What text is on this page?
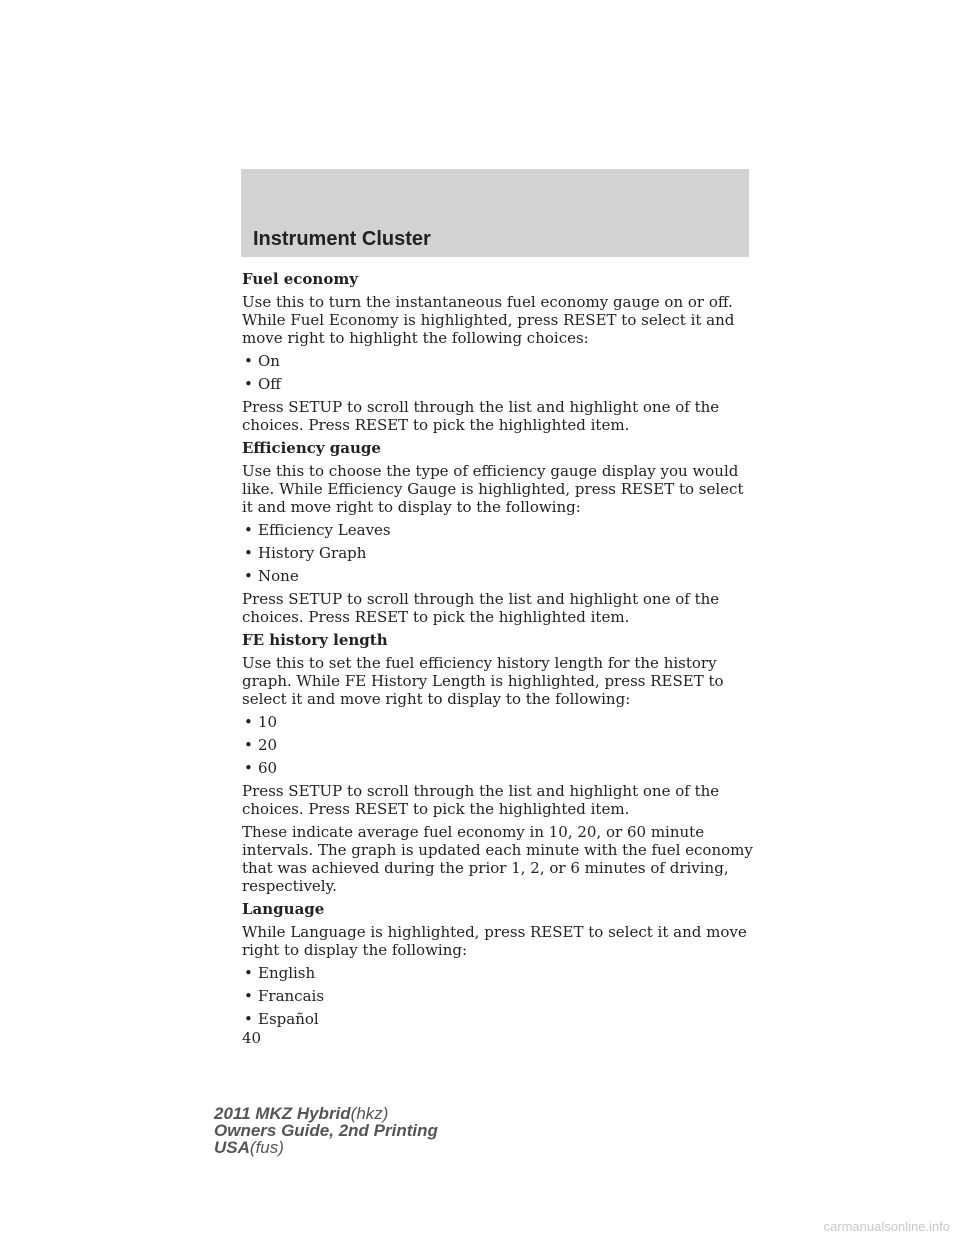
Instrument Cluster
Fuel economy

Use this to turn the instantaneous fuel economy gauge on or off. While Fuel Economy is highlighted, press RESET to select it and move right to highlight the following choices:

• On
• Off

Press SETUP to scroll through the list and highlight one of the choices. Press RESET to pick the highlighted item.

Efficiency gauge

Use this to choose the type of efficiency gauge display you would like. While Efficiency Gauge is highlighted, press RESET to select it and move right to display to the following:

• Efficiency Leaves
• History Graph
• None

Press SETUP to scroll through the list and highlight one of the choices. Press RESET to pick the highlighted item.

FE history length

Use this to set the fuel efficiency history length for the history graph. While FE History Length is highlighted, press RESET to select it and move right to display to the following:

• 10
• 20
• 60

Press SETUP to scroll through the list and highlight one of the choices. Press RESET to pick the highlighted item.

These indicate average fuel economy in 10, 20, or 60 minute intervals. The graph is updated each minute with the fuel economy that was achieved during the prior 1, 2, or 6 minutes of driving, respectively.

Language

While Language is highlighted, press RESET to select it and move right to display the following:

• English
• Francais
• Español
40
2011 MKZ Hybrid(hkz)
Owners Guide, 2nd Printing
USA(fus)
carmanualsonline.info
